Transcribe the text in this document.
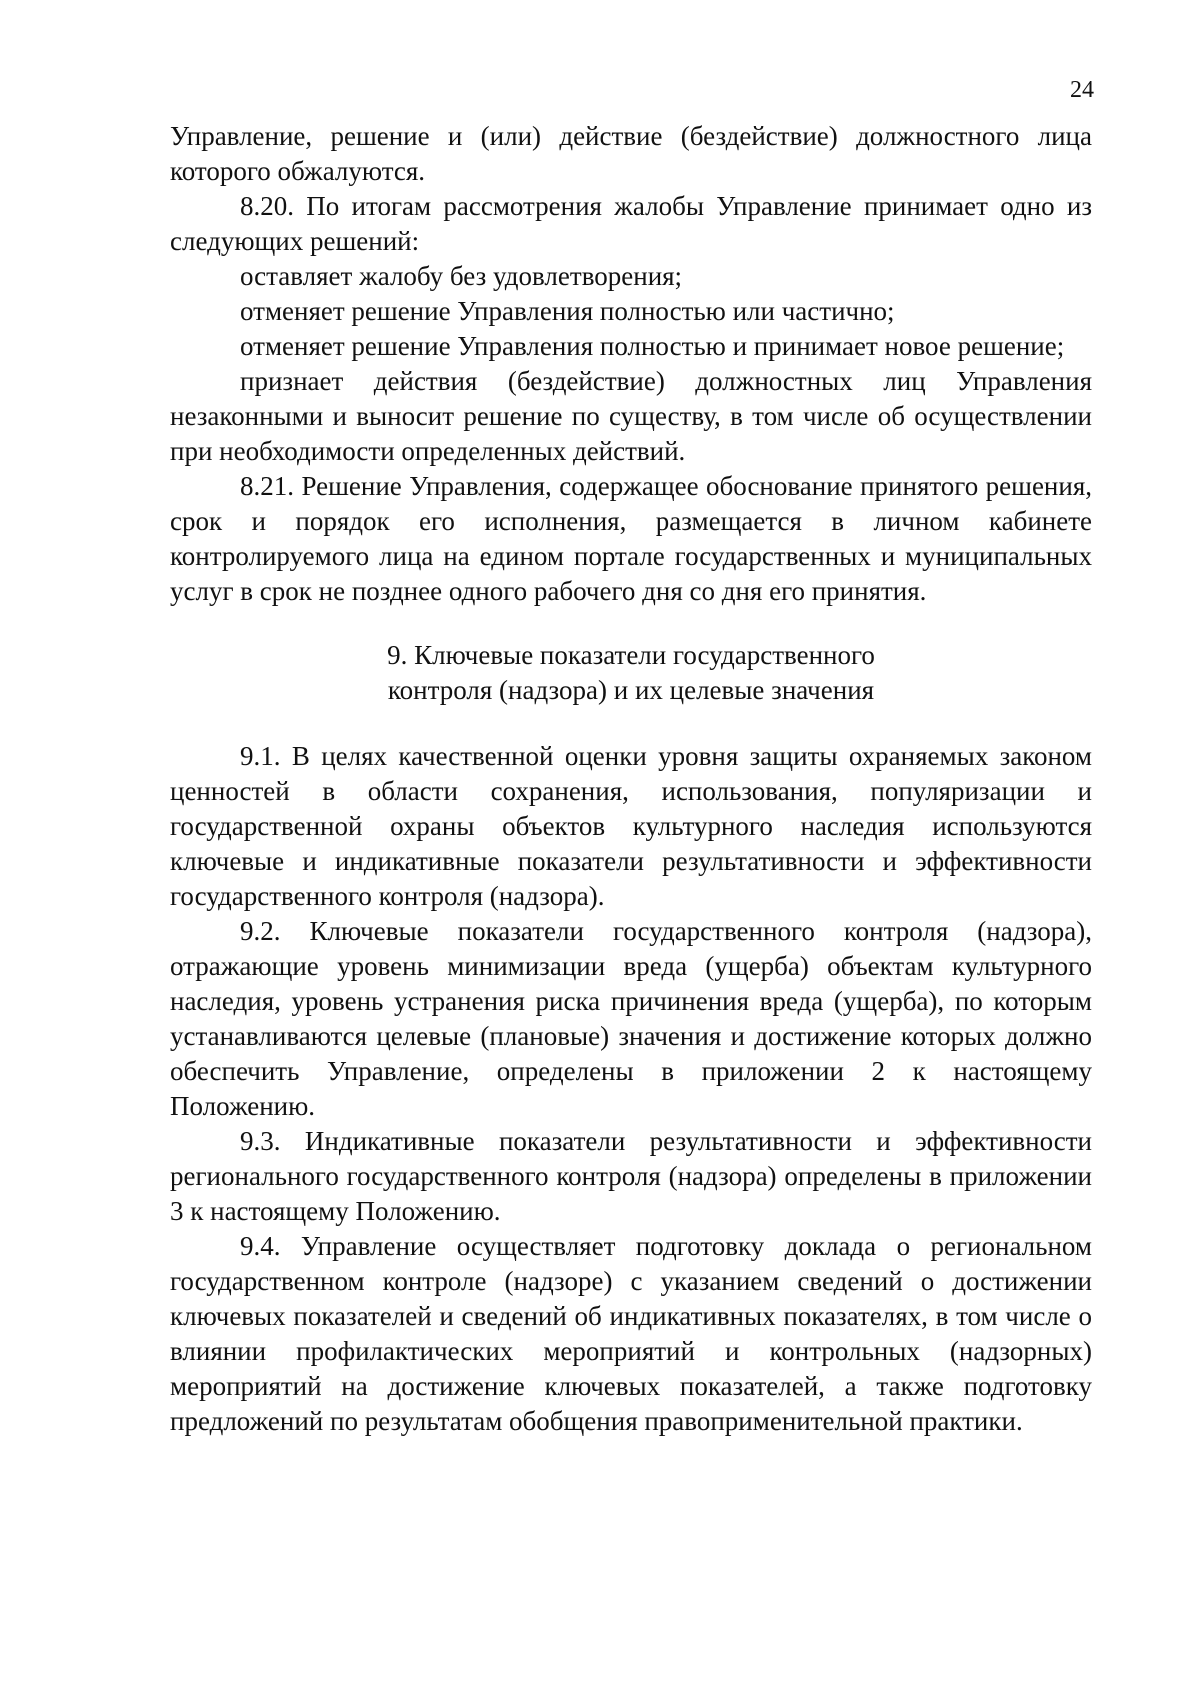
24

Управление, решение и (или) действие (бездействие) должностного лица которого обжалуются.

8.20. По итогам рассмотрения жалобы Управление принимает одно из следующих решений:

оставляет жалобу без удовлетворения;

отменяет решение Управления полностью или частично;

отменяет решение Управления полностью и принимает новое решение;

признает действия (бездействие) должностных лиц Управления незаконными и выносит решение по существу, в том числе об осуществлении при необходимости определенных действий.

8.21. Решение Управления, содержащее обоснование принятого решения, срок и порядок его исполнения, размещается в личном кабинете контролируемого лица на едином портале государственных и муниципальных услуг в срок не позднее одного рабочего дня со дня его принятия.

9. Ключевые показатели государственного
контроля (надзора) и их целевые значения

9.1. В целях качественной оценки уровня защиты охраняемых законом ценностей в области сохранения, использования, популяризации и государственной охраны объектов культурного наследия используются ключевые и индикативные показатели результативности и эффективности государственного контроля (надзора).

9.2. Ключевые показатели государственного контроля (надзора), отражающие уровень минимизации вреда (ущерба) объектам культурного наследия, уровень устранения риска причинения вреда (ущерба), по которым устанавливаются целевые (плановые) значения и достижение которых должно обеспечить Управление, определены в приложении 2 к настоящему Положению.

9.3. Индикативные показатели результативности и эффективности регионального государственного контроля (надзора) определены в приложении 3 к настоящему Положению.

9.4. Управление осуществляет подготовку доклада о региональном государственном контроле (надзоре) с указанием сведений о достижении ключевых показателей и сведений об индикативных показателях, в том числе о влиянии профилактических мероприятий и контрольных (надзорных) мероприятий на достижение ключевых показателей, а также подготовку предложений по результатам обобщения правоприменительной практики.
